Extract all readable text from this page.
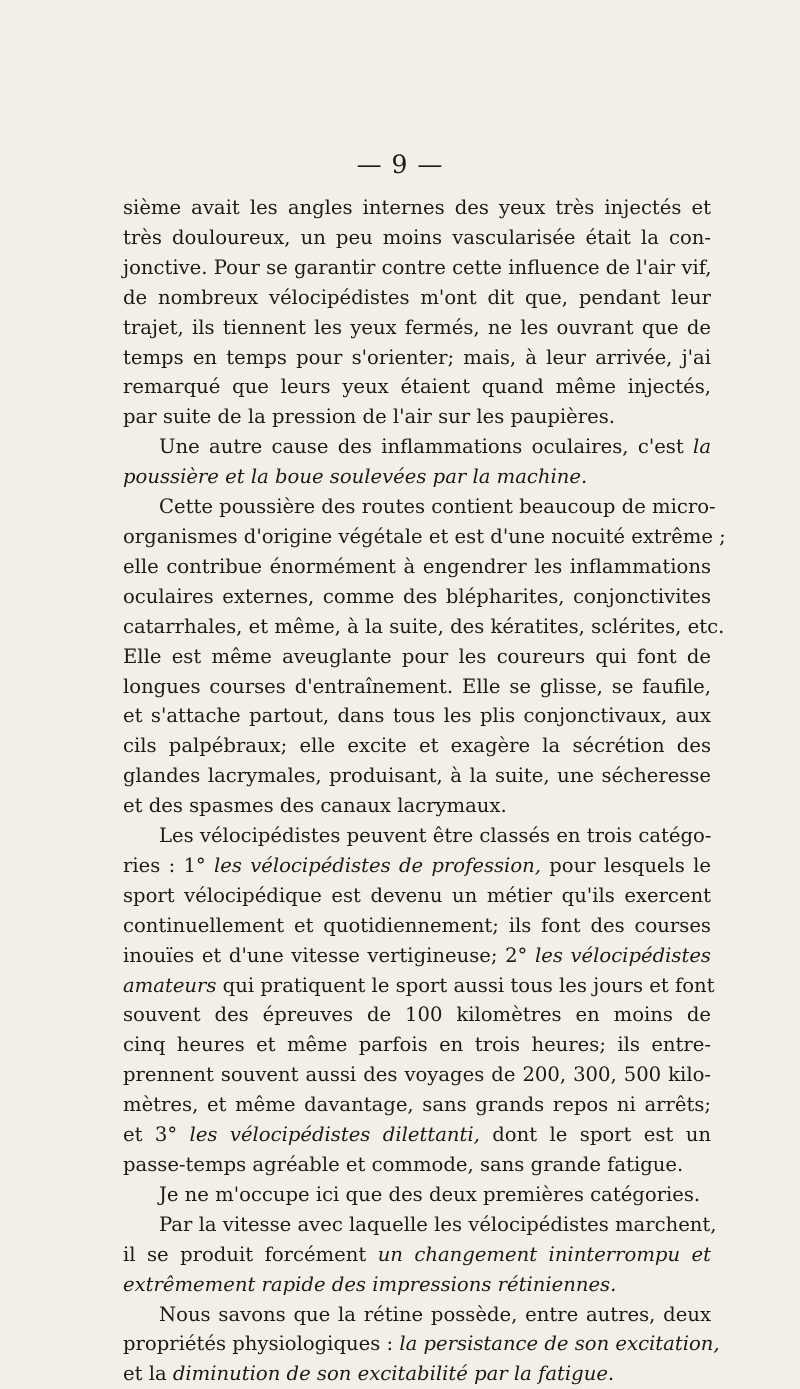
— 9 —
sième avait les angles internes des yeux très injectés et
très douloureux, un peu moins vascularisée était la con-
jonctive. Pour se garantir contre cette influence de l'air vif,
de nombreux vélocipédistes m'ont dit que, pendant leur
trajet, ils tiennent les yeux fermés, ne les ouvrant que de
temps en temps pour s'orienter; mais, à leur arrivée, j'ai
remarqué que leurs yeux étaient quand même injectés,
par suite de la pression de l'air sur les paupières.
Une autre cause des inflammations oculaires, c'est la
poussière et la boue soulevées par la machine.
Cette poussière des routes contient beaucoup de micro-
organismes d'origine végétale et est d'une nocuité extrême ;
elle contribue énormément à engendrer les inflammations
oculaires externes, comme des blépharites, conjonctivites
catarrhales, et même, à la suite, des kératites, sclérites, etc.
Elle est même aveuglante pour les coureurs qui font de
longues courses d'entraînement. Elle se glisse, se faufile,
et s'attache partout, dans tous les plis conjonctivaux, aux
cils palpébraux; elle excite et exagère la sécrétion des
glandes lacrymales, produisant, à la suite, une sécheresse
et des spasmes des canaux lacrymaux.
Les vélocipédistes peuvent être classés en trois catégo-
ries : 1° les vélocipédistes de profession, pour lesquels le
sport vélocipédique est devenu un métier qu'ils exercent
continuellement et quotidiennement; ils font des courses
inouïes et d'une vitesse vertigineuse; 2° les vélocipédistes
amateurs qui pratiquent le sport aussi tous les jours et font
souvent des épreuves de 100 kilomètres en moins de
cinq heures et même parfois en trois heures; ils entre-
prennent souvent aussi des voyages de 200, 300, 500 kilo-
mètres, et même davantage, sans grands repos ni arrêts;
et 3° les vélocipédistes dilettanti, dont le sport est un
passe-temps agréable et commode, sans grande fatigue.
Je ne m'occupe ici que des deux premières catégories.
Par la vitesse avec laquelle les vélocipédistes marchent,
il se produit forcément un changement ininterrompu et
extrêmement rapide des impressions rétiniennes.
Nous savons que la rétine possède, entre autres, deux
propriétés physiologiques : la persistance de son excitation,
et la diminution de son excitabilité par la fatigue.
